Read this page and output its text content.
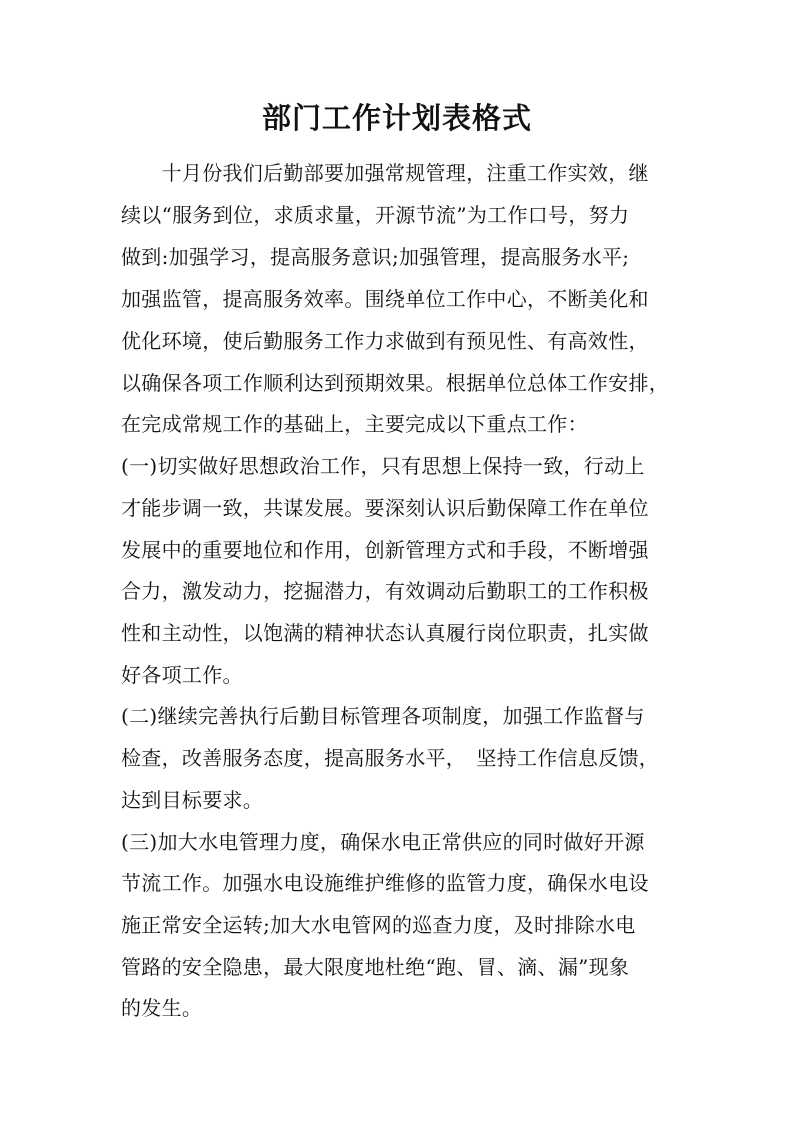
部门工作计划表格式

　　十月份我们后勤部要加强常规管理，注重工作实效，继

续以“服务到位，求质求量，开源节流”为工作口号，努力

做到:加强学习，提高服务意识;加强管理，提高服务水平;

加强监管，提高服务效率。围绕单位工作中心，不断美化和

优化环境，使后勤服务工作力求做到有预见性、有高效性，

以确保各项工作顺利达到预期效果。根据单位总体工作安排，

在完成常规工作的基础上，主要完成以下重点工作：

(一)切实做好思想政治工作，只有思想上保持一致，行动上

才能步调一致，共谋发展。要深刻认识后勤保障工作在单位

发展中的重要地位和作用，创新管理方式和手段，不断增强

合力，激发动力，挖掘潜力，有效调动后勤职工的工作积极

性和主动性，以饱满的精神状态认真履行岗位职责，扎实做

好各项工作。

(二)继续完善执行后勤目标管理各项制度，加强工作监督与

检查，改善服务态度，提高服务水平，　坚持工作信息反馈，

达到目标要求。

(三)加大水电管理力度，确保水电正常供应的同时做好开源

节流工作。加强水电设施维护维修的监管力度，确保水电设

施正常安全运转;加大水电管网的巡查力度，及时排除水电

管路的安全隐患，最大限度地杜绝“跑、冒、滴、漏”现象

的发生。
